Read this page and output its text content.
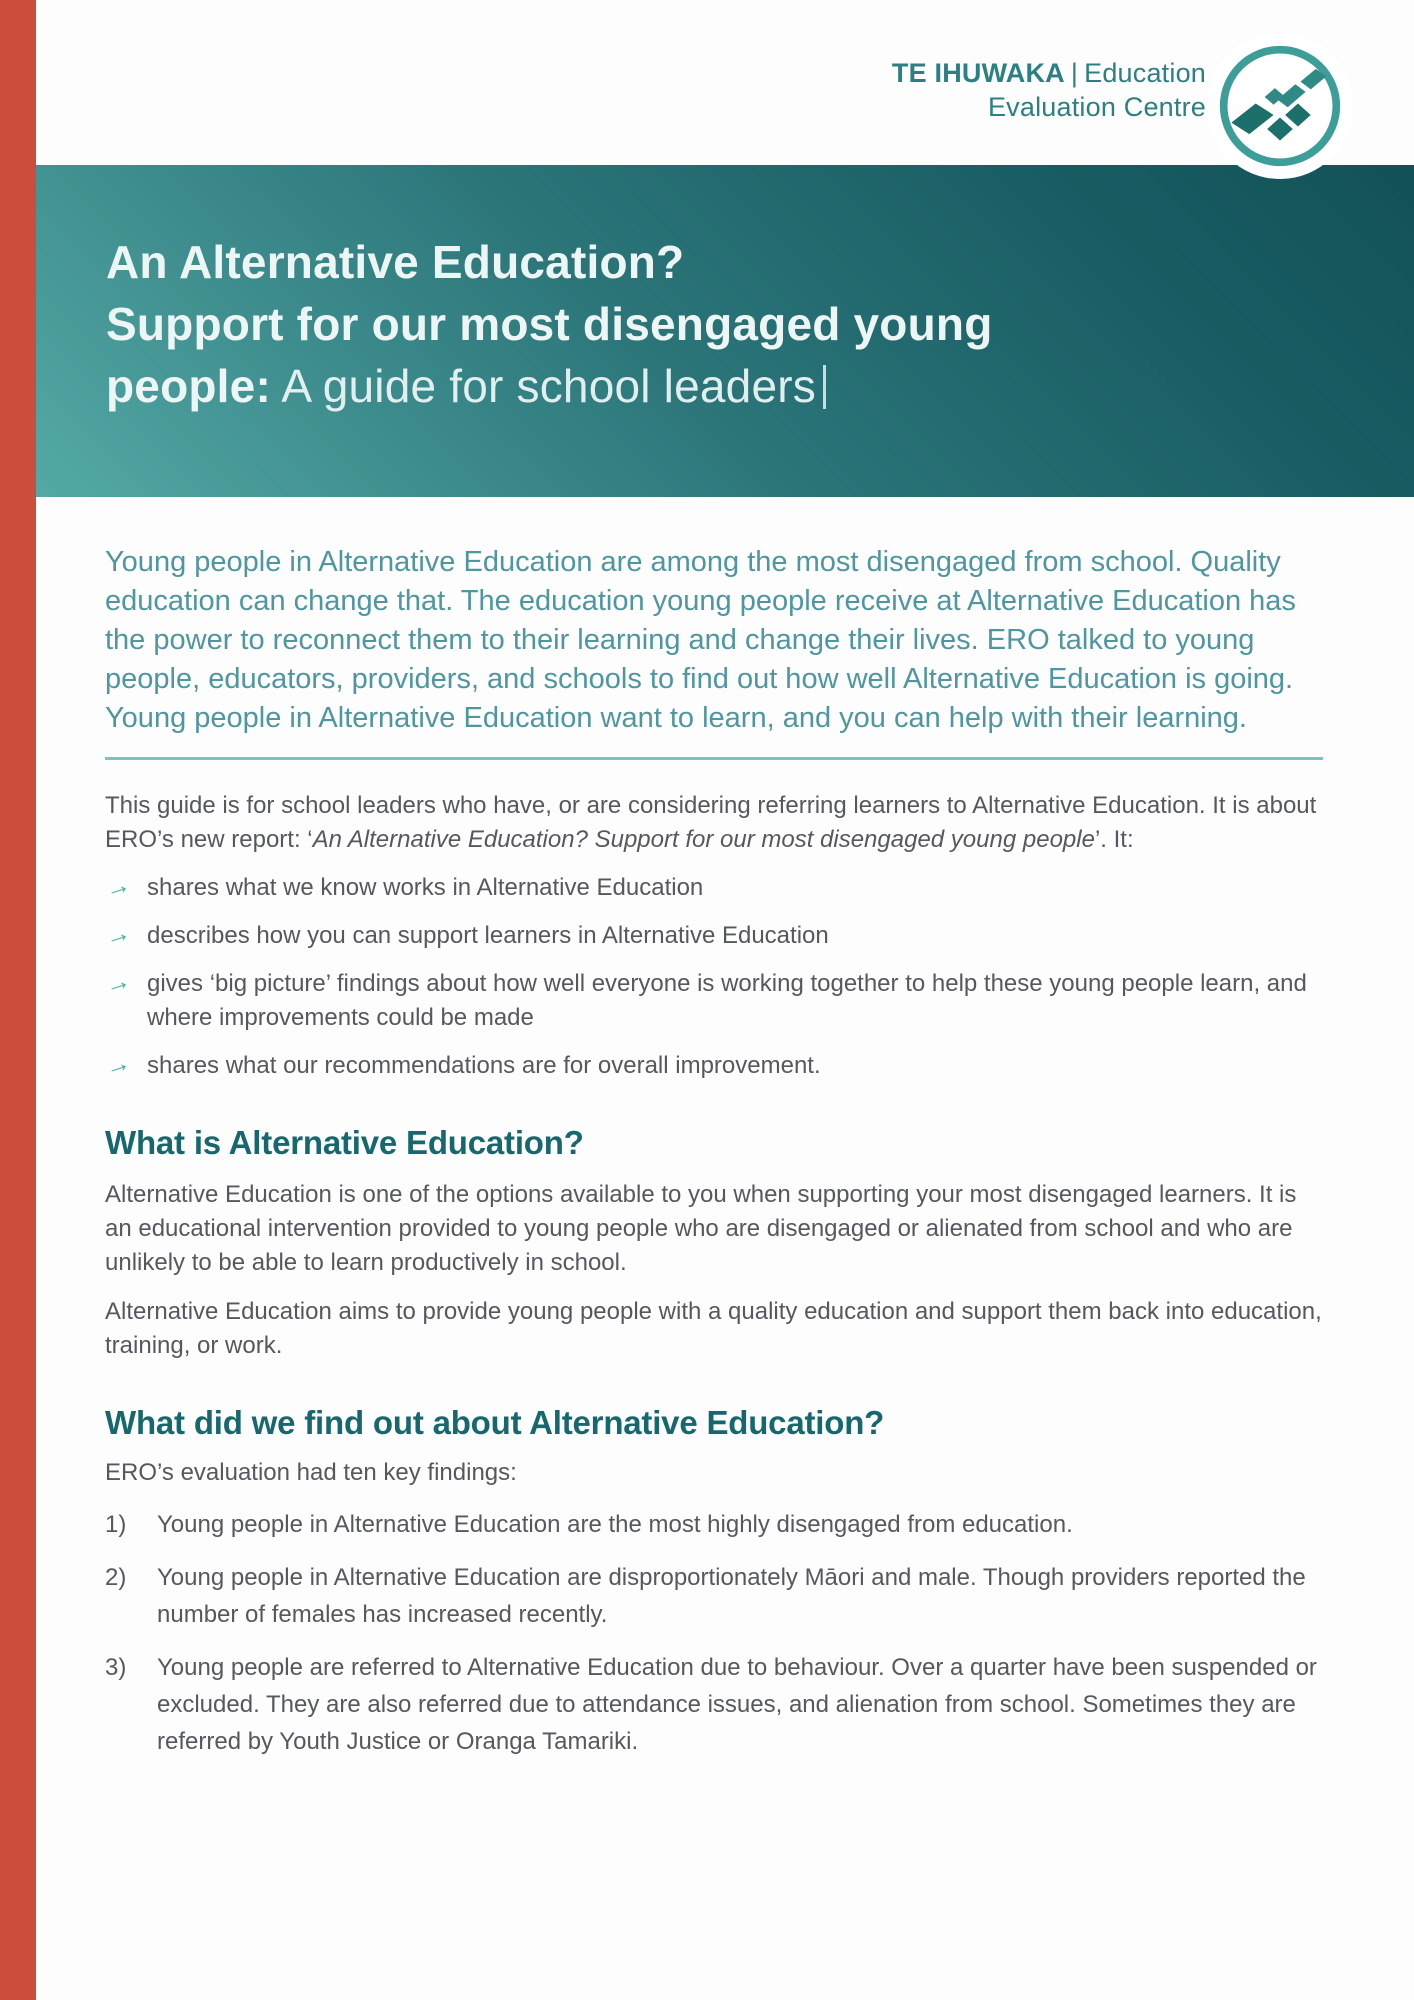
TE IHUWAKA | Education
Evaluation Centre
An Alternative Education?
Support for our most disengaged young
people: A guide for school leaders

Young people in Alternative Education are among the most disengaged from school. Quality education can change that. The education young people receive at Alternative Education has the power to reconnect them to their learning and change their lives. ERO talked to young people, educators, providers, and schools to find out how well Alternative Education is going. Young people in Alternative Education want to learn, and you can help with their learning.

This guide is for school leaders who have, or are considering referring learners to Alternative Education. It is about ERO’s new report: ‘An Alternative Education? Support for our most disengaged young people’. It:

→ shares what we know works in Alternative Education
→ describes how you can support learners in Alternative Education
→ gives ‘big picture’ findings about how well everyone is working together to help these young people learn, and where improvements could be made
→ shares what our recommendations are for overall improvement.
What is Alternative Education?

Alternative Education is one of the options available to you when supporting your most disengaged learners. It is an educational intervention provided to young people who are disengaged or alienated from school and who are unlikely to be able to learn productively in school.

Alternative Education aims to provide young people with a quality education and support them back into education, training, or work.

What did we find out about Alternative Education?

ERO’s evaluation had ten key findings:

1)	Young people in Alternative Education are the most highly disengaged from education.
2)	Young people in Alternative Education are disproportionately Māori and male. Though providers reported the number of females has increased recently.
3)	Young people are referred to Alternative Education due to behaviour. Over a quarter have been suspended or excluded. They are also referred due to attendance issues, and alienation from school. Sometimes they are referred by Youth Justice or Oranga Tamariki.
